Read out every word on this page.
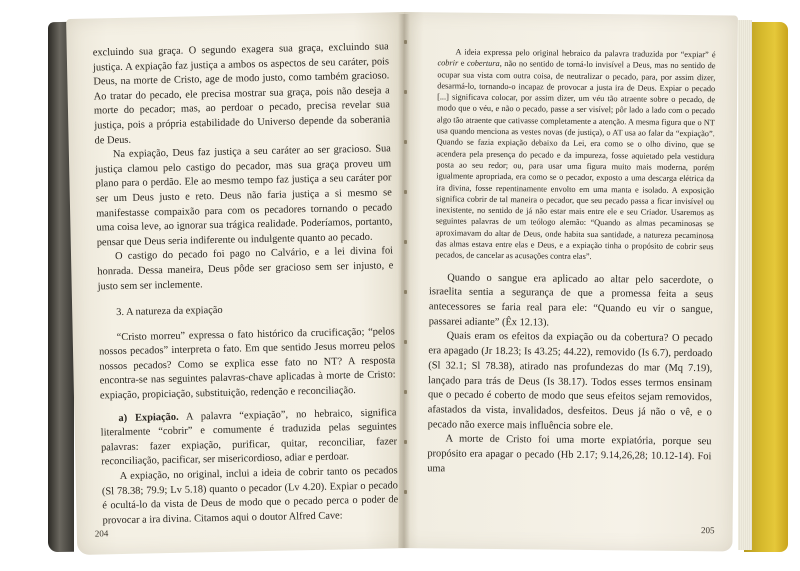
excluindo sua graça. O segundo exagera sua graça, excluindo sua justiça. A expiação faz justiça a ambos os aspectos de seu caráter, pois Deus, na morte de Cristo, age de modo justo, como também gracioso. Ao tratar do pecado, ele precisa mostrar sua graça, pois não deseja a morte do pecador; mas, ao perdoar o pecado, precisa revelar sua justiça, pois a própria estabilidade do Universo depende da soberania de Deus.

Na expiação, Deus faz justiça a seu caráter ao ser gracioso. Sua justiça clamou pelo castigo do pecador, mas sua graça proveu um plano para o perdão. Ele ao mesmo tempo faz justiça a seu caráter por ser um Deus justo e reto. Deus não faria justiça a si mesmo se manifestasse compaixão para com os pecadores tornando o pecado uma coisa leve, ao ignorar sua trágica realidade. Poderíamos, portanto, pensar que Deus seria indiferente ou indulgente quanto ao pecado.

O castigo do pecado foi pago no Calvário, e a lei divina foi honrada. Dessa maneira, Deus pôde ser gracioso sem ser injusto, e justo sem ser inclemente.

3. A natureza da expiação

“Cristo morreu” expressa o fato histórico da crucificação; “pelos nossos pecados” interpreta o fato. Em que sentido Jesus morreu pelos nossos pecados? Como se explica esse fato no NT? A resposta encontra-se nas seguintes palavras-chave aplicadas à morte de Cristo: expiação, propiciação, substituição, redenção e reconciliação.

a) Expiação. A palavra “expiação”, no hebraico, significa literalmente “cobrir” e comumente é traduzida pelas seguintes palavras: fazer expiação, purificar, quitar, reconciliar, fazer reconciliação, pacificar, ser misericordioso, adiar e perdoar.

A expiação, no original, inclui a ideia de cobrir tanto os pecados (Sl 78.38; 79.9; Lv 5.18) quanto o pecador (Lv 4.20). Expiar o pecado é ocultá-lo da vista de Deus de modo que o pecado perca o poder de provocar a ira divina. Citamos aqui o doutor Alfred Cave:

204

A ideia expressa pelo original hebraico da palavra traduzida por “expiar” é cobrir e cobertura, não no sentido de torná-lo invisível a Deus, mas no sentido de ocupar sua vista com outra coisa, de neutralizar o pecado, para, por assim dizer, desarmá-lo, tornando-o incapaz de provocar a justa ira de Deus. Expiar o pecado [...] significava colocar, por assim dizer, um véu tão atraente sobre o pecado, de modo que o véu, e não o pecado, passe a ser visível; pôr lado a lado com o pecado algo tão atraente que cativasse completamente a atenção. A mesma figura que o NT usa quando menciona as vestes novas (de justiça), o AT usa ao falar da “expiação”. Quando se fazia expiação debaixo da Lei, era como se o olho divino, que se acendera pela presença do pecado e da impureza, fosse aquietado pela vestidura posta ao seu redor; ou, para usar uma figura muito mais moderna, porém igualmente apropriada, era como se o pecador, exposto a uma descarga elétrica da ira divina, fosse repentinamente envolto em uma manta e isolado. A exposição significa cobrir de tal maneira o pecador, que seu pecado passa a ficar invisível ou inexistente, no sentido de já não estar mais entre ele e seu Criador. Usaremos as seguintes palavras de um teólogo alemão: “Quando as almas pecaminosas se aproximavam do altar de Deus, onde habita sua santidade, a natureza pecaminosa das almas estava entre elas e Deus, e a expiação tinha o propósito de cobrir seus pecados, de cancelar as acusações contra elas”.

Quando o sangue era aplicado ao altar pelo sacerdote, o israelita sentia a segurança de que a promessa feita a seus antecessores se faria real para ele: “Quando eu vir o sangue, passarei adiante” (Êx 12.13).

Quais eram os efeitos da expiação ou da cobertura? O pecado era apagado (Jr 18.23; Is 43.25; 44.22), removido (Is 6.7), perdoado (Sl 32.1; Sl 78.38), atirado nas profundezas do mar (Mq 7.19), lançado para trás de Deus (Is 38.17). Todos esses termos ensinam que o pecado é coberto de modo que seus efeitos sejam removidos, afastados da vista, invalidados, desfeitos. Deus já não o vê, e o pecado não exerce mais influência sobre ele.

A morte de Cristo foi uma morte expiatória, porque seu propósito era apagar o pecado (Hb 2.17; 9.14,26,28; 10.12-14). Foi uma

205
